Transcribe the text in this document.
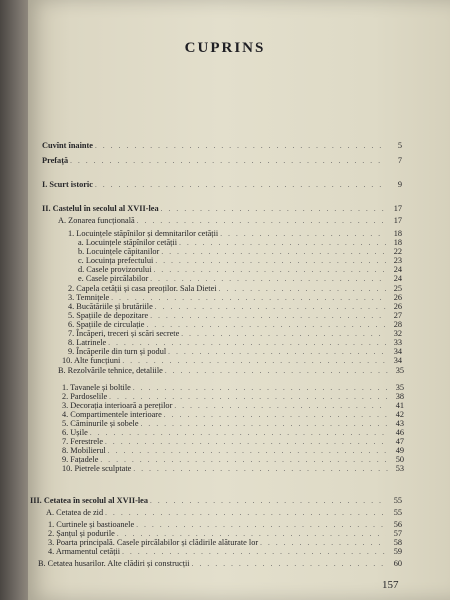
CUPRINS
Cuvînt înainte . . .	5
Prefață . . .	7
I. Scurt istoric . . .	9
II. Castelul în secolul al XVII-lea . . .	17
A. Zonarea funcțională . . .	17
1. Locuințele stăpînilor și demnitarilor cetății . . .	18
a. Locuințele stăpînilor cetății . . .	18
b. Locuințele căpitanilor . . .	22
c. Locuința prefectului . . .	23
d. Casele provizorului . . .	24
e. Casele pircălabilor . . .	24
2. Capela cetății și casa preoților. Sala Dietei . . .	25
3. Temnițele . . .	26
4. Bucătăriile și brutăriile . . .	26
5. Spațiile de depozitare . . .	27
6. Spațiile de circulație . . .	28
7. Încăperi, treceri și scări secrete . . .	32
8. Latrinele . . .	33
9. Încăperile din turn și podul . . .	34
10. Alte funcțiuni . . .	34
B. Rezolvările tehnice, detaliile . . .	35
1. Tavanele și boltile . . .	35
2. Pardoselile . . .	38
3. Decorația interioară a pereților . . .	41
4. Compartimentele interioare . . .	42
5. Căminurile și sobele . . .	43
6. Ușile . . .	46
7. Ferestrele . . .	47
8. Mobilierul . . .	49
9. Fațadele . . .	50
10. Pietrele sculptate . . .	53
III. Cetatea în secolul al XVII-lea . . .	55
A. Cetatea de zid . . .	55
1. Curtinele și bastioanele . . .	56
2. Șanțul și podurile . . .	57
3. Poarta principală. Casele pircălabilor și clădirile alăturate lor . . .	58
4. Armamentul cetății . . .	59
B. Cetatea husarilor. Alte clădiri și construcții . . .	60
157
